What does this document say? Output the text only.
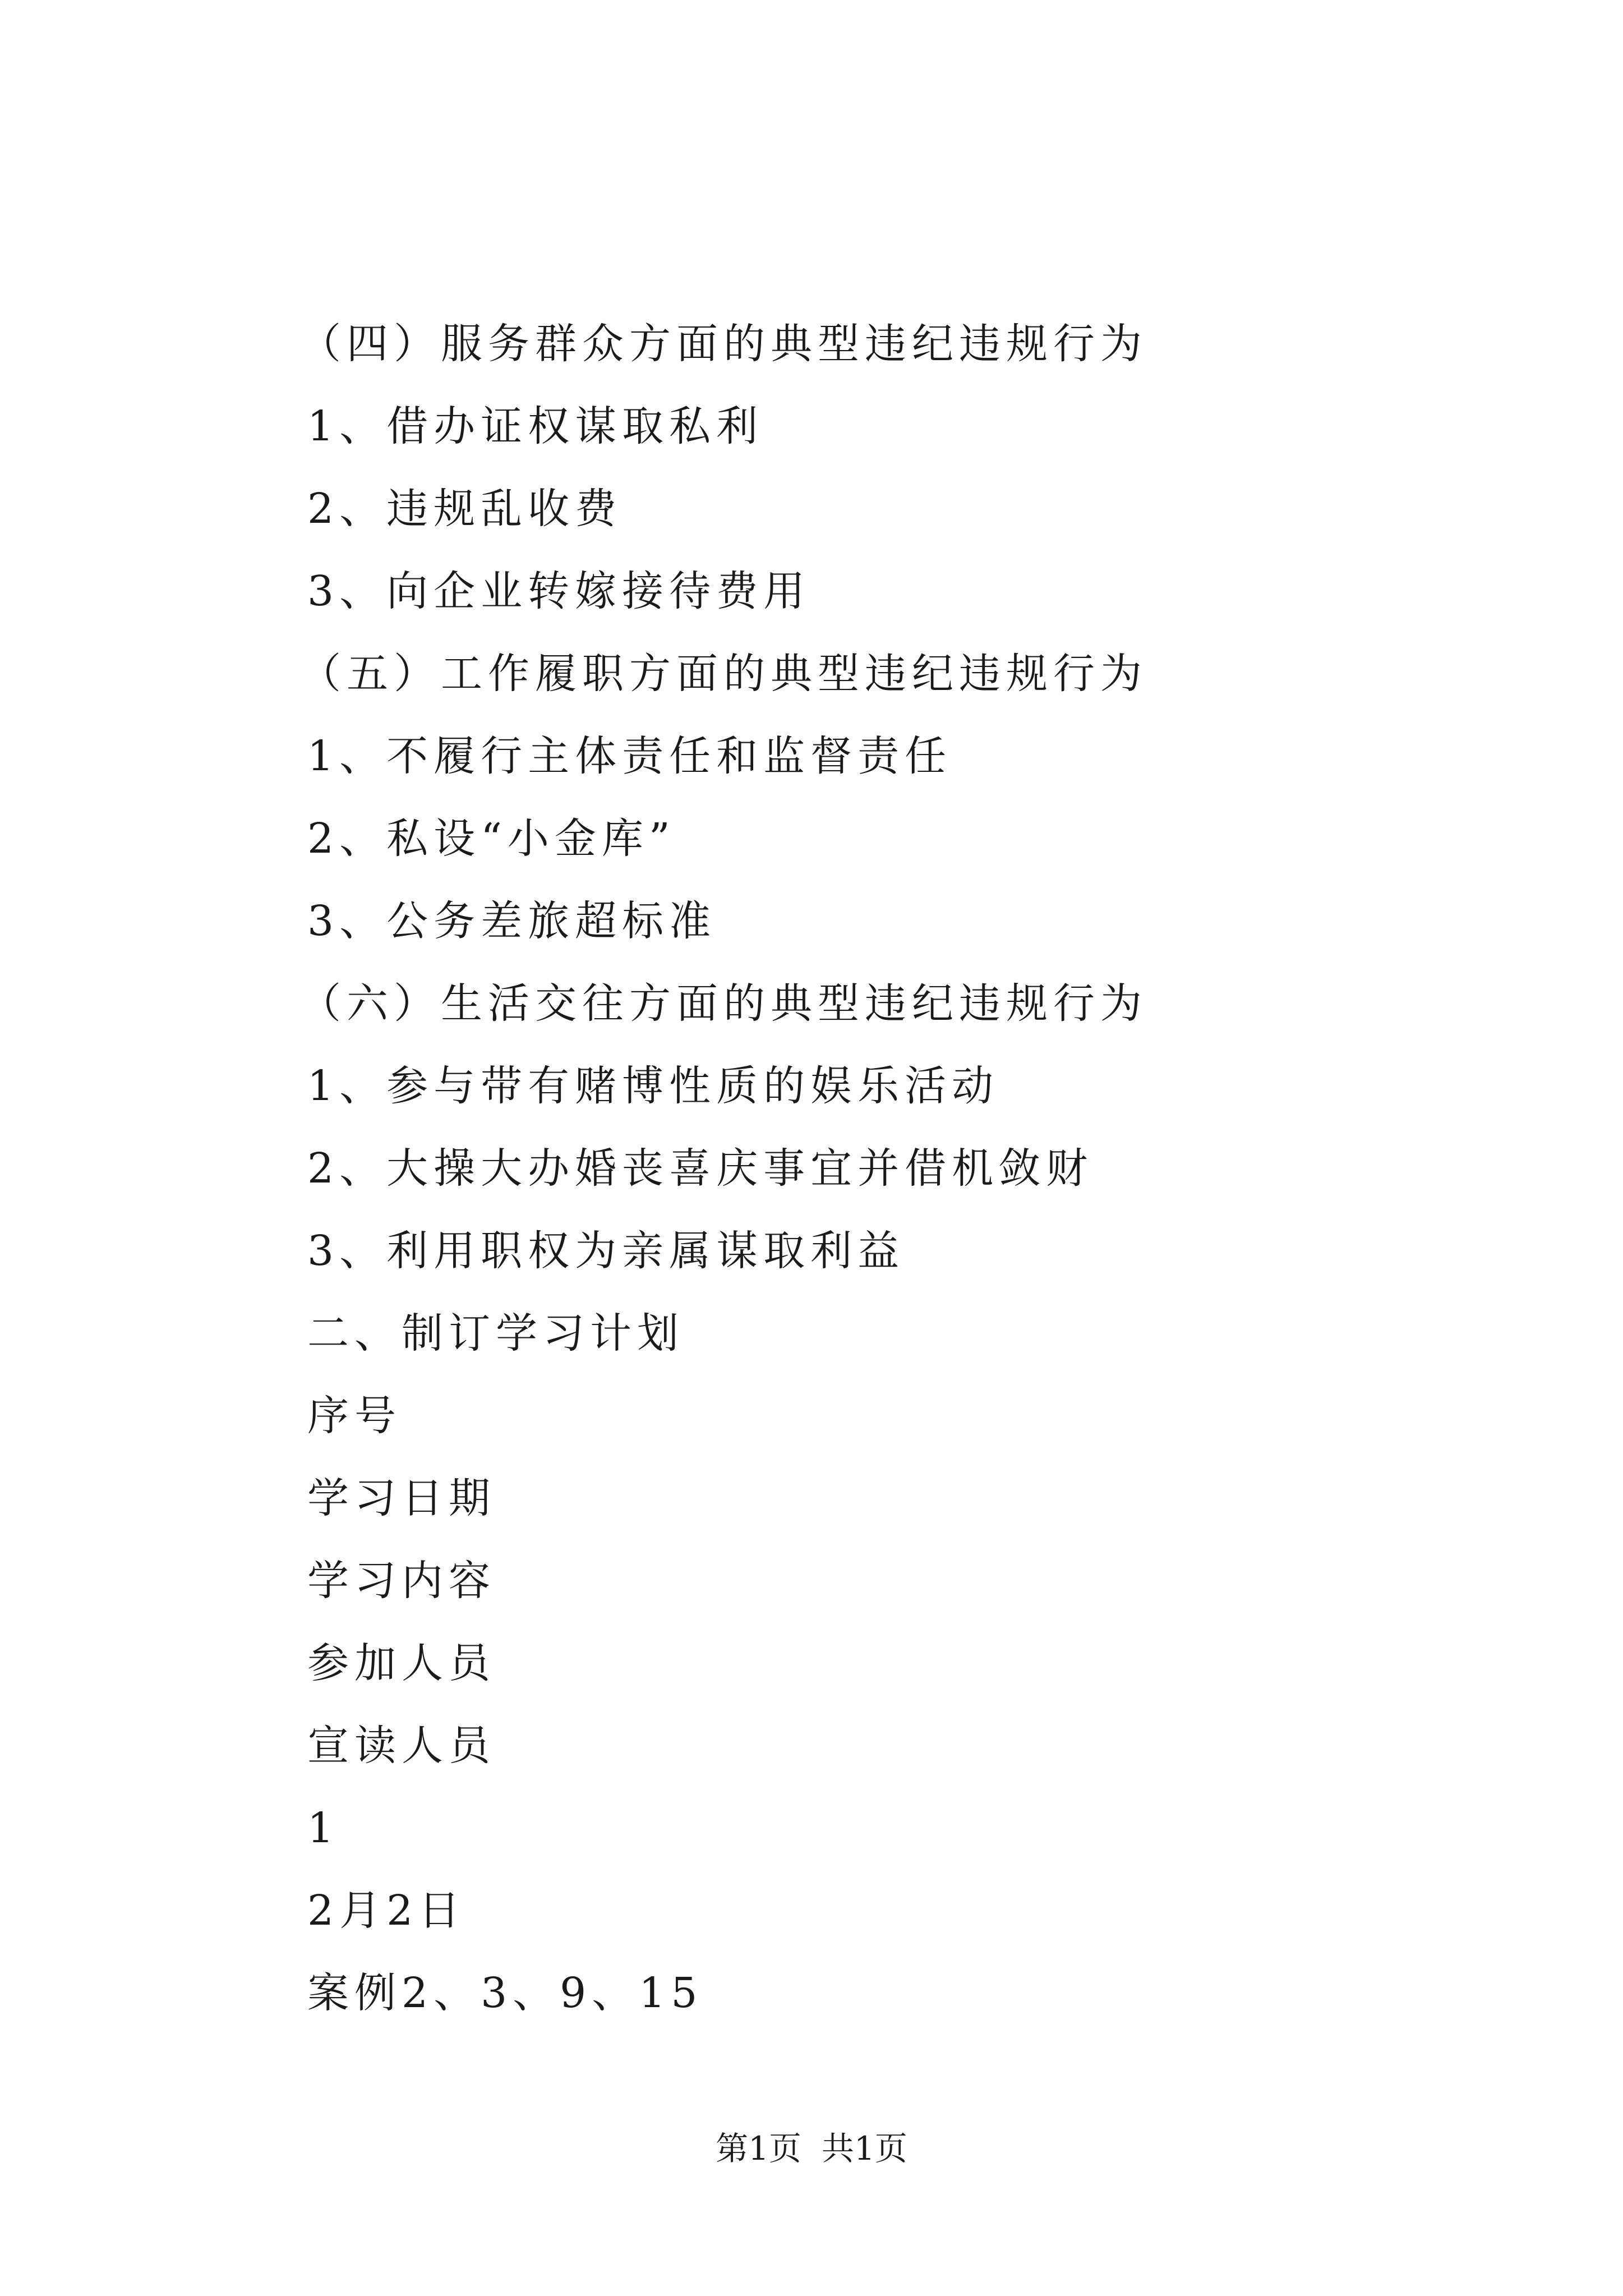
（四）服务群众方面的典型违纪违规行为
1、借办证权谋取私利
2、违规乱收费
3、向企业转嫁接待费用
（五）工作履职方面的典型违纪违规行为
1、不履行主体责任和监督责任
2、私设“小金库”
3、公务差旅超标准
（六）生活交往方面的典型违纪违规行为
1、参与带有赌博性质的娱乐活动
2、大操大办婚丧喜庆事宜并借机敛财
3、利用职权为亲属谋取利益
二、制订学习计划
序号
学习日期
学习内容
参加人员
宣读人员
1
2月2日
案例2、3、9、15
第1页 共1页
